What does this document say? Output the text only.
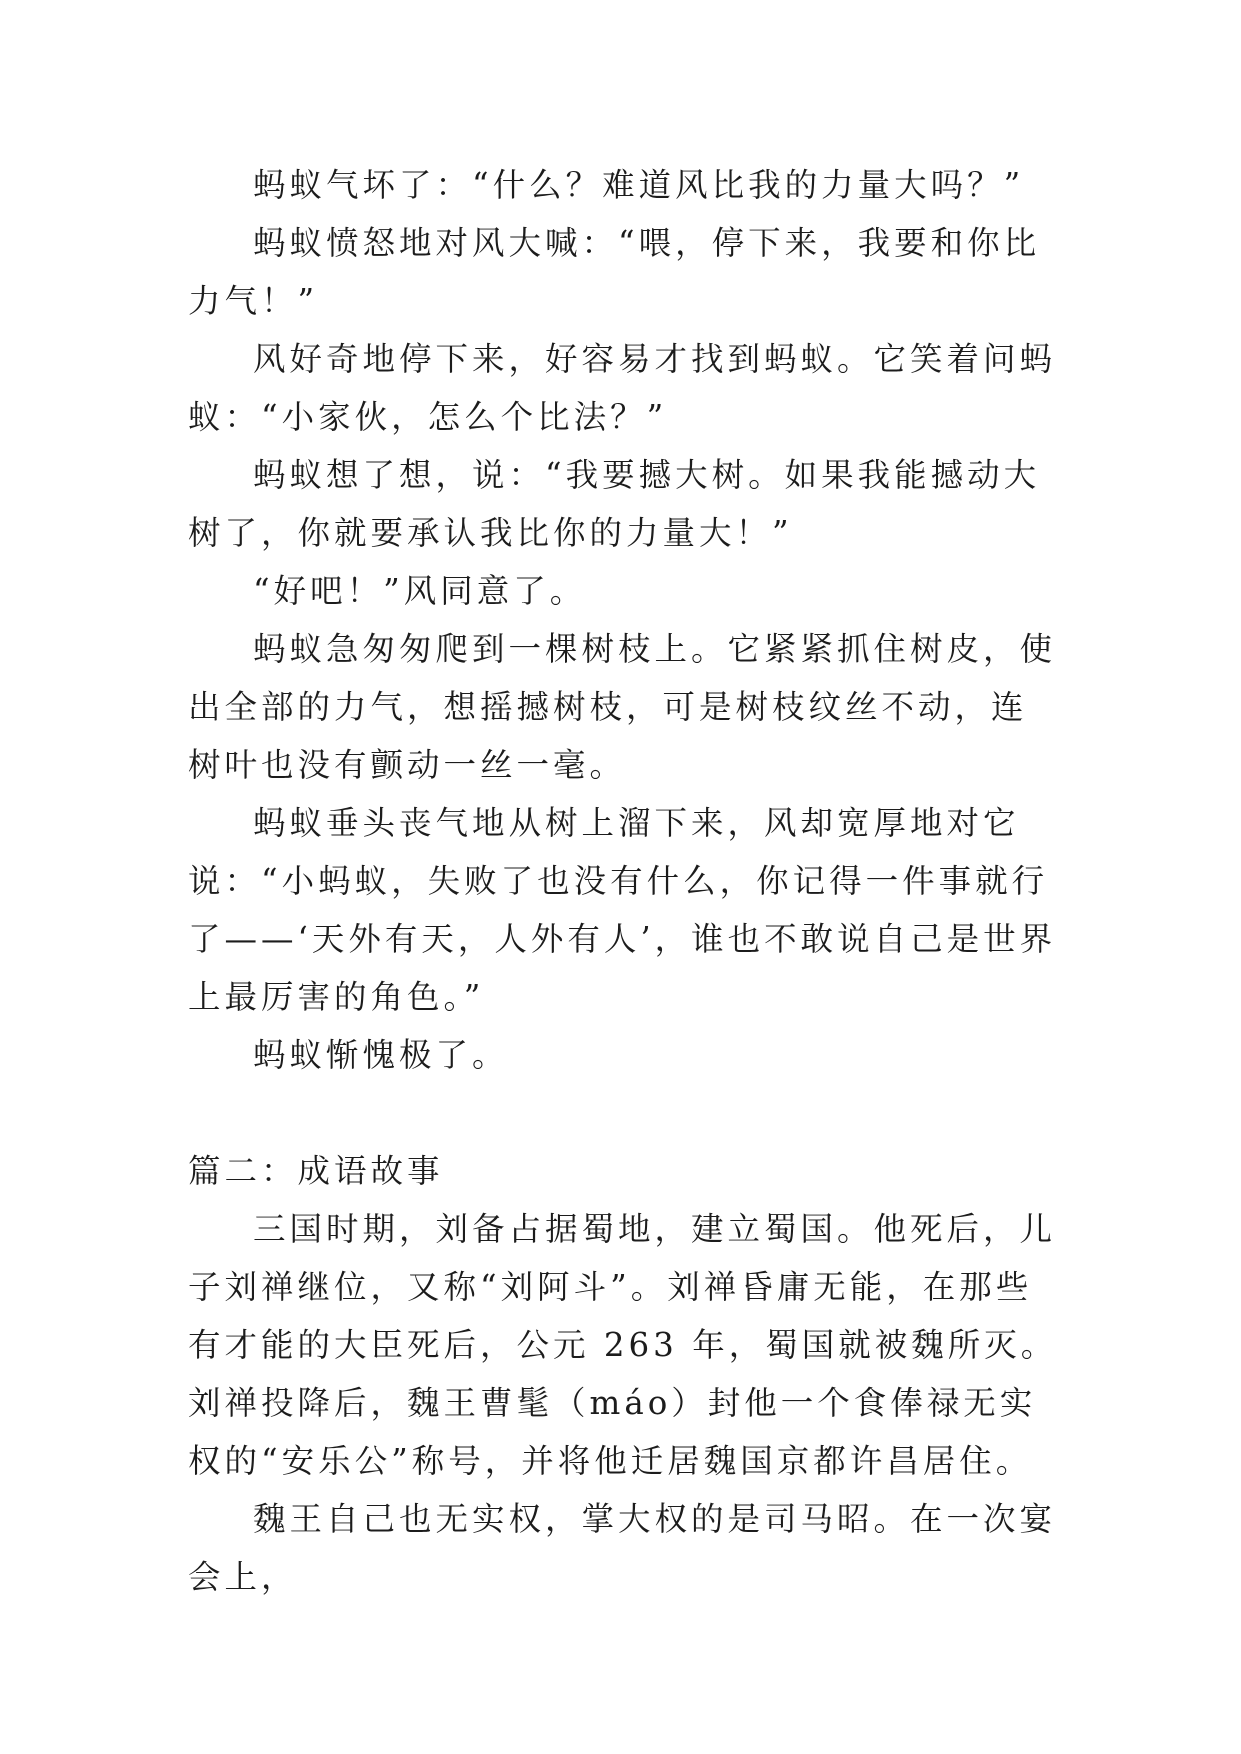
蚂蚁气坏了：“什么？难道风比我的力量大吗？”

蚂蚁愤怒地对风大喊：“喂，停下来，我要和你比力气！”

风好奇地停下来，好容易才找到蚂蚁。它笑着问蚂蚁：“小家伙，怎么个比法？”

蚂蚁想了想，说：“我要撼大树。如果我能撼动大树了，你就要承认我比你的力量大！”

“好吧！”风同意了。

蚂蚁急匆匆爬到一棵树枝上。它紧紧抓住树皮，使出全部的力气，想摇撼树枝，可是树枝纹丝不动，连树叶也没有颤动一丝一毫。

蚂蚁垂头丧气地从树上溜下来，风却宽厚地对它说：“小蚂蚁，失败了也没有什么，你记得一件事就行了——‘天外有天，人外有人’，谁也不敢说自己是世界上最厉害的角色。”

蚂蚁惭愧极了。

篇二：成语故事

三国时期，刘备占据蜀地，建立蜀国。他死后，儿子刘禅继位，又称“刘阿斗”。刘禅昏庸无能，在那些有才能的大臣死后，公元 263 年，蜀国就被魏所灭。刘禅投降后，魏王曹髦（máo）封他一个食俸禄无实权的“安乐公”称号，并将他迁居魏国京都许昌居住。

魏王自己也无实权，掌大权的是司马昭。在一次宴会上，
